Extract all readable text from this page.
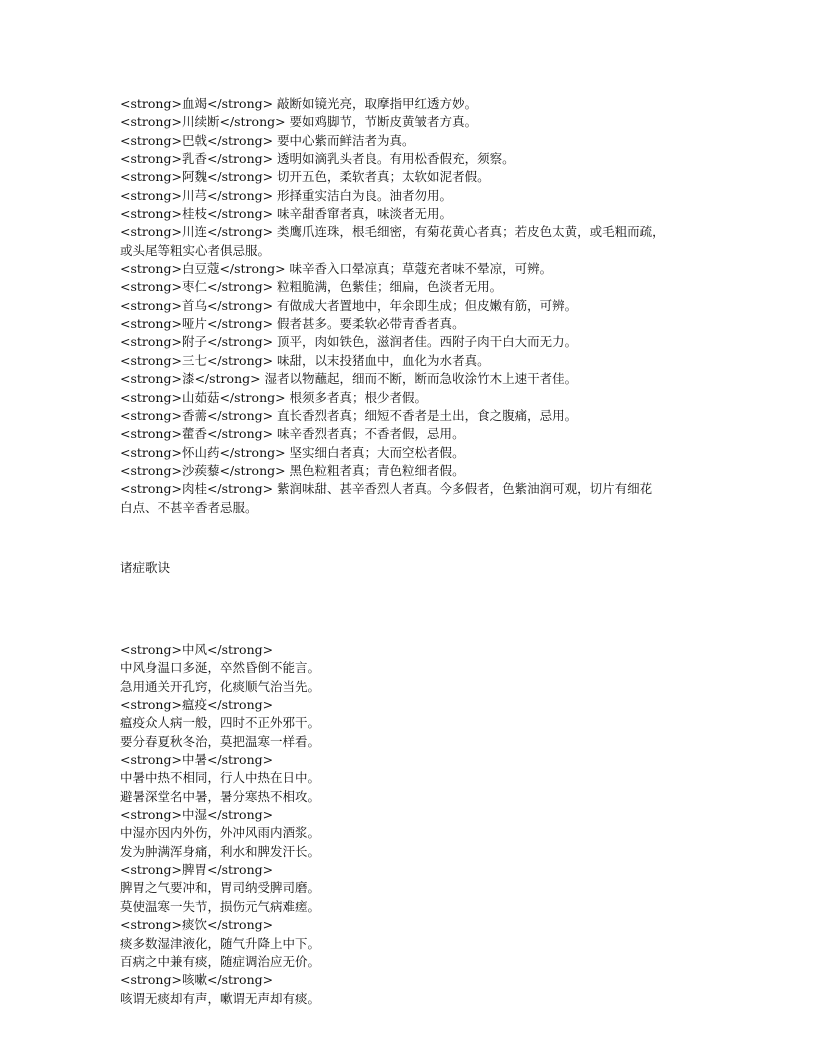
<strong>血竭</strong> 敲断如镜光亮，取摩指甲红透方妙。
<strong>川续断</strong> 要如鸡脚节，节断皮黄皱者方真。
<strong>巴戟</strong> 要中心紫而鲜洁者为真。
<strong>乳香</strong> 透明如滴乳头者良。有用松香假充，须察。
<strong>阿魏</strong> 切开五色，柔软者真；太软如泥者假。
<strong>川芎</strong> 形择重实洁白为良。油者勿用。
<strong>桂枝</strong> 味辛甜香窜者真，味淡者无用。
<strong>川连</strong> 类鹰爪连珠，根毛细密，有菊花黄心者真；若皮色太黄，或毛粗而疏，
或头尾等粗实心者俱忌服。
<strong>白豆蔻</strong> 味辛香入口晕凉真；草蔻充者味不晕凉，可辨。
<strong>枣仁</strong> 粒粗脆满，色紫佳；细扁，色淡者无用。
<strong>首乌</strong> 有做成大者置地中，年余即生成；但皮嫩有筋，可辨。
<strong>哑片</strong> 假者甚多。要柔软必带青香者真。
<strong>附子</strong> 顶平，肉如铁色，滋润者佳。西附子肉干白大而无力。
<strong>三七</strong> 味甜，以末投猪血中，血化为水者真。
<strong>漆</strong> 湿者以物蘸起，细而不断，断而急收涂竹木上速干者佳。
<strong>山茹菇</strong> 根须多者真；根少者假。
<strong>香薷</strong> 直长香烈者真；细短不香者是土出，食之腹痛，忌用。
<strong>藿香</strong> 味辛香烈者真；不香者假，忌用。
<strong>怀山药</strong> 坚实细白者真；大而空松者假。
<strong>沙蒺藜</strong> 黑色粒粗者真；青色粒细者假。
<strong>肉桂</strong> 紫润味甜、甚辛香烈人者真。今多假者，色紫油润可观，切片有细花
白点、不甚辛香者忌服。
诸症歌诀
<strong>中风</strong>
中风身温口多涎，卒然昏倒不能言。
急用通关开孔窍，化痰顺气治当先。
<strong>瘟疫</strong>
瘟疫众人病一般，四时不正外邪干。
要分春夏秋冬治，莫把温寒一样看。
<strong>中暑</strong>
中暑中热不相同，行人中热在日中。
避暑深堂名中暑，暑分寒热不相攻。
<strong>中湿</strong>
中湿亦因内外伤，外冲风雨内酒浆。
发为肿满浑身痛，利水和脾发汗长。
<strong>脾胃</strong>
脾胃之气要冲和，胃司纳受脾司磨。
莫使温寒一失节，损伤元气病难瘥。
<strong>痰饮</strong>
痰多数湿津液化，随气升降上中下。
百病之中兼有痰，随症调治应无价。
<strong>咳嗽</strong>
咳谓无痰却有声，嗽谓无声却有痰。
